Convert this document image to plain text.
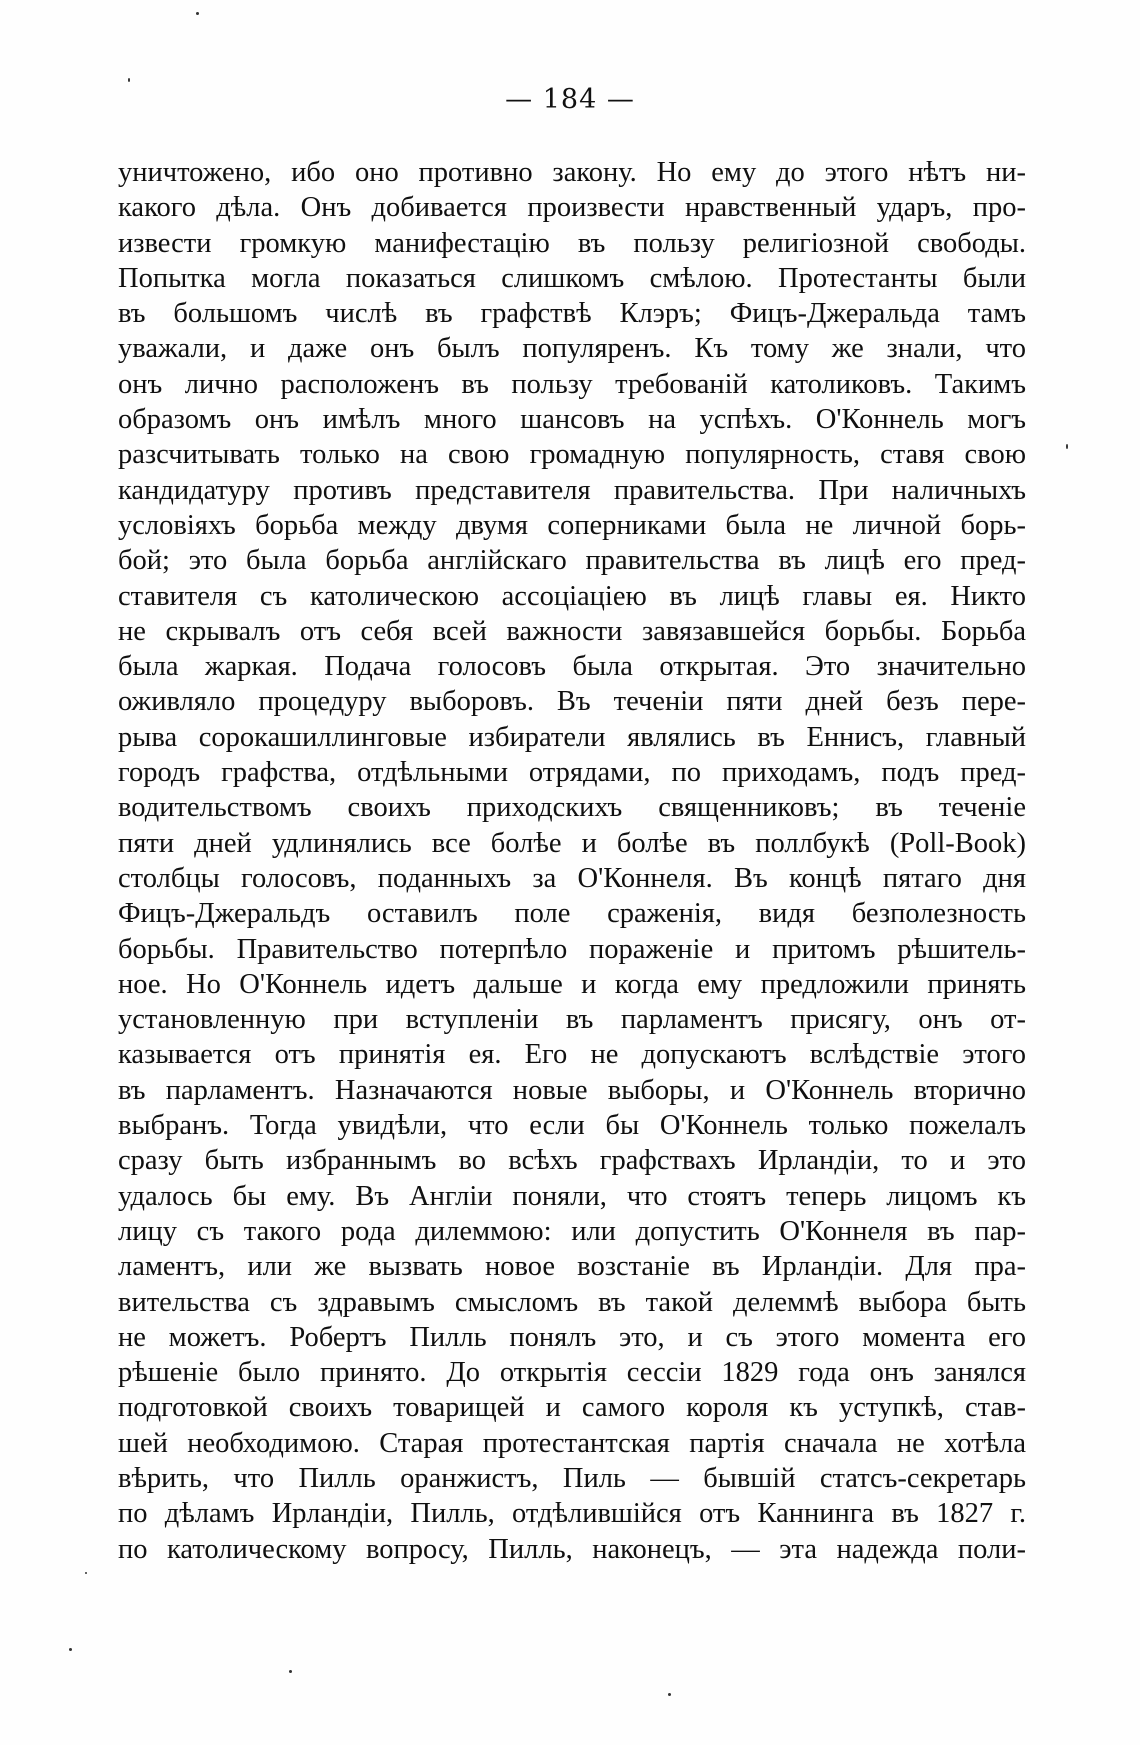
— 184 —
уничтожено, ибо оно противно закону. Но ему до этого нѣтъ ни-
какого дѣла. Онъ добивается произвести нравственный ударъ, про-
извести громкую манифестацію въ пользу религіозной свободы.
Попытка могла показаться слишкомъ смѣлою. Протестанты были
въ большомъ числѣ въ графствѣ Клэръ; Фицъ-Джеральда тамъ
уважали, и даже онъ былъ популяренъ. Къ тому же знали, что
онъ лично расположенъ въ пользу требованій католиковъ. Такимъ
образомъ онъ имѣлъ много шансовъ на успѣхъ. О'Коннель могъ
разсчитывать только на свою громадную популярность, ставя свою
кандидатуру противъ представителя правительства. При наличныхъ
условіяхъ борьба между двумя соперниками была не личной борь-
бой; это была борьба англійскаго правительства въ лицѣ его пред-
ставителя съ католическою ассоціаціею въ лицѣ главы ея. Никто
не скрывалъ отъ себя всей важности завязавшейся борьбы. Борьба
была жаркая. Подача голосовъ была открытая. Это значительно
оживляло процедуру выборовъ. Въ теченіи пяти дней безъ пере-
рыва сорокашиллинговые избиратели являлись въ Еннисъ, главный
городъ графства, отдѣльными отрядами, по приходамъ, подъ пред-
водительствомъ своихъ приходскихъ священниковъ; въ теченіе
пяти дней удлинялись все болѣе и болѣе въ поллбукѣ (Poll-Book)
столбцы голосовъ, поданныхъ за О'Коннеля. Въ концѣ пятаго дня
Фицъ-Джеральдъ оставилъ поле сраженія, видя безполезность
борьбы. Правительство потерпѣло пораженіе и притомъ рѣшитель-
ное. Но О'Коннель идетъ дальше и когда ему предложили принять
установленную при вступленіи въ парламентъ присягу, онъ от-
казывается отъ принятія ея. Его не допускаютъ вслѣдствіе этого
въ парламентъ. Назначаются новые выборы, и О'Коннель вторично
выбранъ. Тогда увидѣли, что если бы О'Коннель только пожелалъ
сразу быть избраннымъ во всѣхъ графствахъ Ирландіи, то и это
удалось бы ему. Въ Англіи поняли, что стоятъ теперь лицомъ къ
лицу съ такого рода дилеммою: или допустить О'Коннеля въ пар-
ламентъ, или же вызвать новое возстаніе въ Ирландіи. Для пра-
вительства съ здравымъ смысломъ въ такой делеммѣ выбора быть
не можетъ. Робертъ Пилль понялъ это, и съ этого момента его
рѣшеніе было принято. До открытія сессіи 1829 года онъ занялся
подготовкой своихъ товарищей и самого короля къ уступкѣ, став-
шей необходимою. Старая протестантская партія сначала не хотѣла
вѣрить, что Пилль оранжистъ, Пиль — бывшій статсъ-секретарь
по дѣламъ Ирландіи, Пилль, отдѣлившійся отъ Каннинга въ 1827 г.
по католическому вопросу, Пилль, наконецъ, — эта надежда поли-
